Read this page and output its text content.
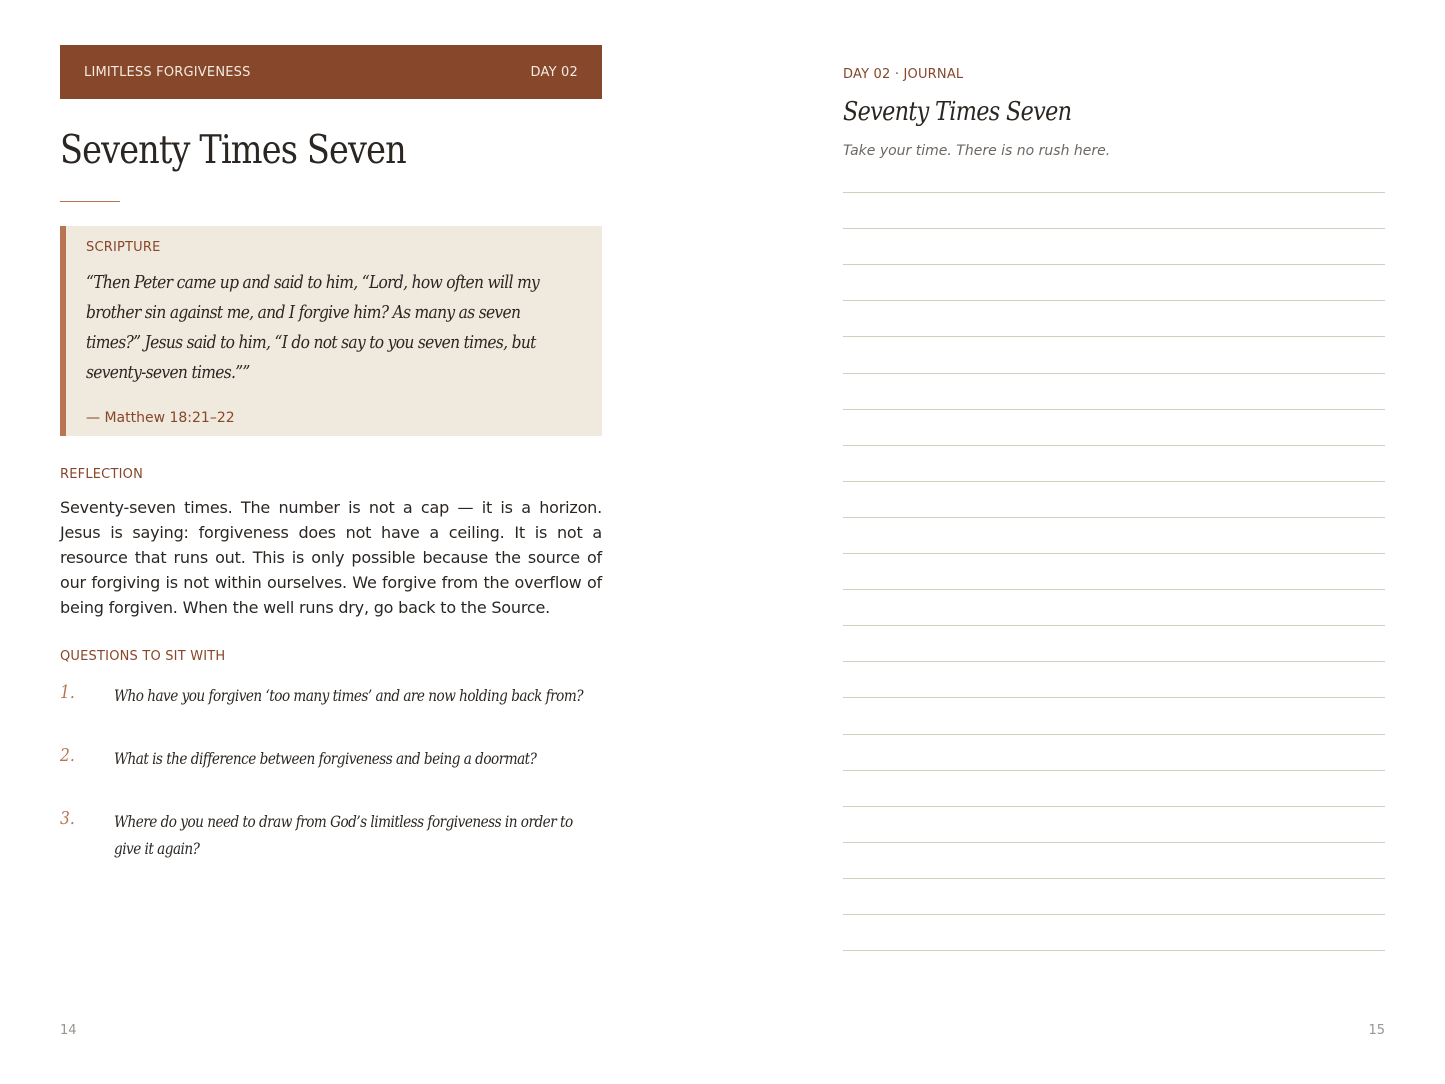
LIMITLESS FORGIVENESS	DAY 02
Seventy Times Seven
SCRIPTURE

“Then Peter came up and said to him, “Lord, how often will my brother sin against me, and I forgive him? As many as seven times?” Jesus said to him, “I do not say to you seven times, but seventy-seven times.””

— Matthew 18:21–22
REFLECTION

Seventy-seven times. The number is not a cap — it is a horizon. Jesus is saying: forgiveness does not have a ceiling. It is not a resource that runs out. This is only possible because the source of our forgiving is not within ourselves. We forgive from the overflow of being forgiven. When the well runs dry, go back to the Source.

QUESTIONS TO SIT WITH
1. Who have you forgiven ‘too many times’ and are now holding back from?
2. What is the difference between forgiveness and being a doormat?
3. Where do you need to draw from God’s limitless forgiveness in order to give it again?
14
DAY 02 · JOURNAL
Seventy Times Seven
Take your time. There is no rush here.
15
